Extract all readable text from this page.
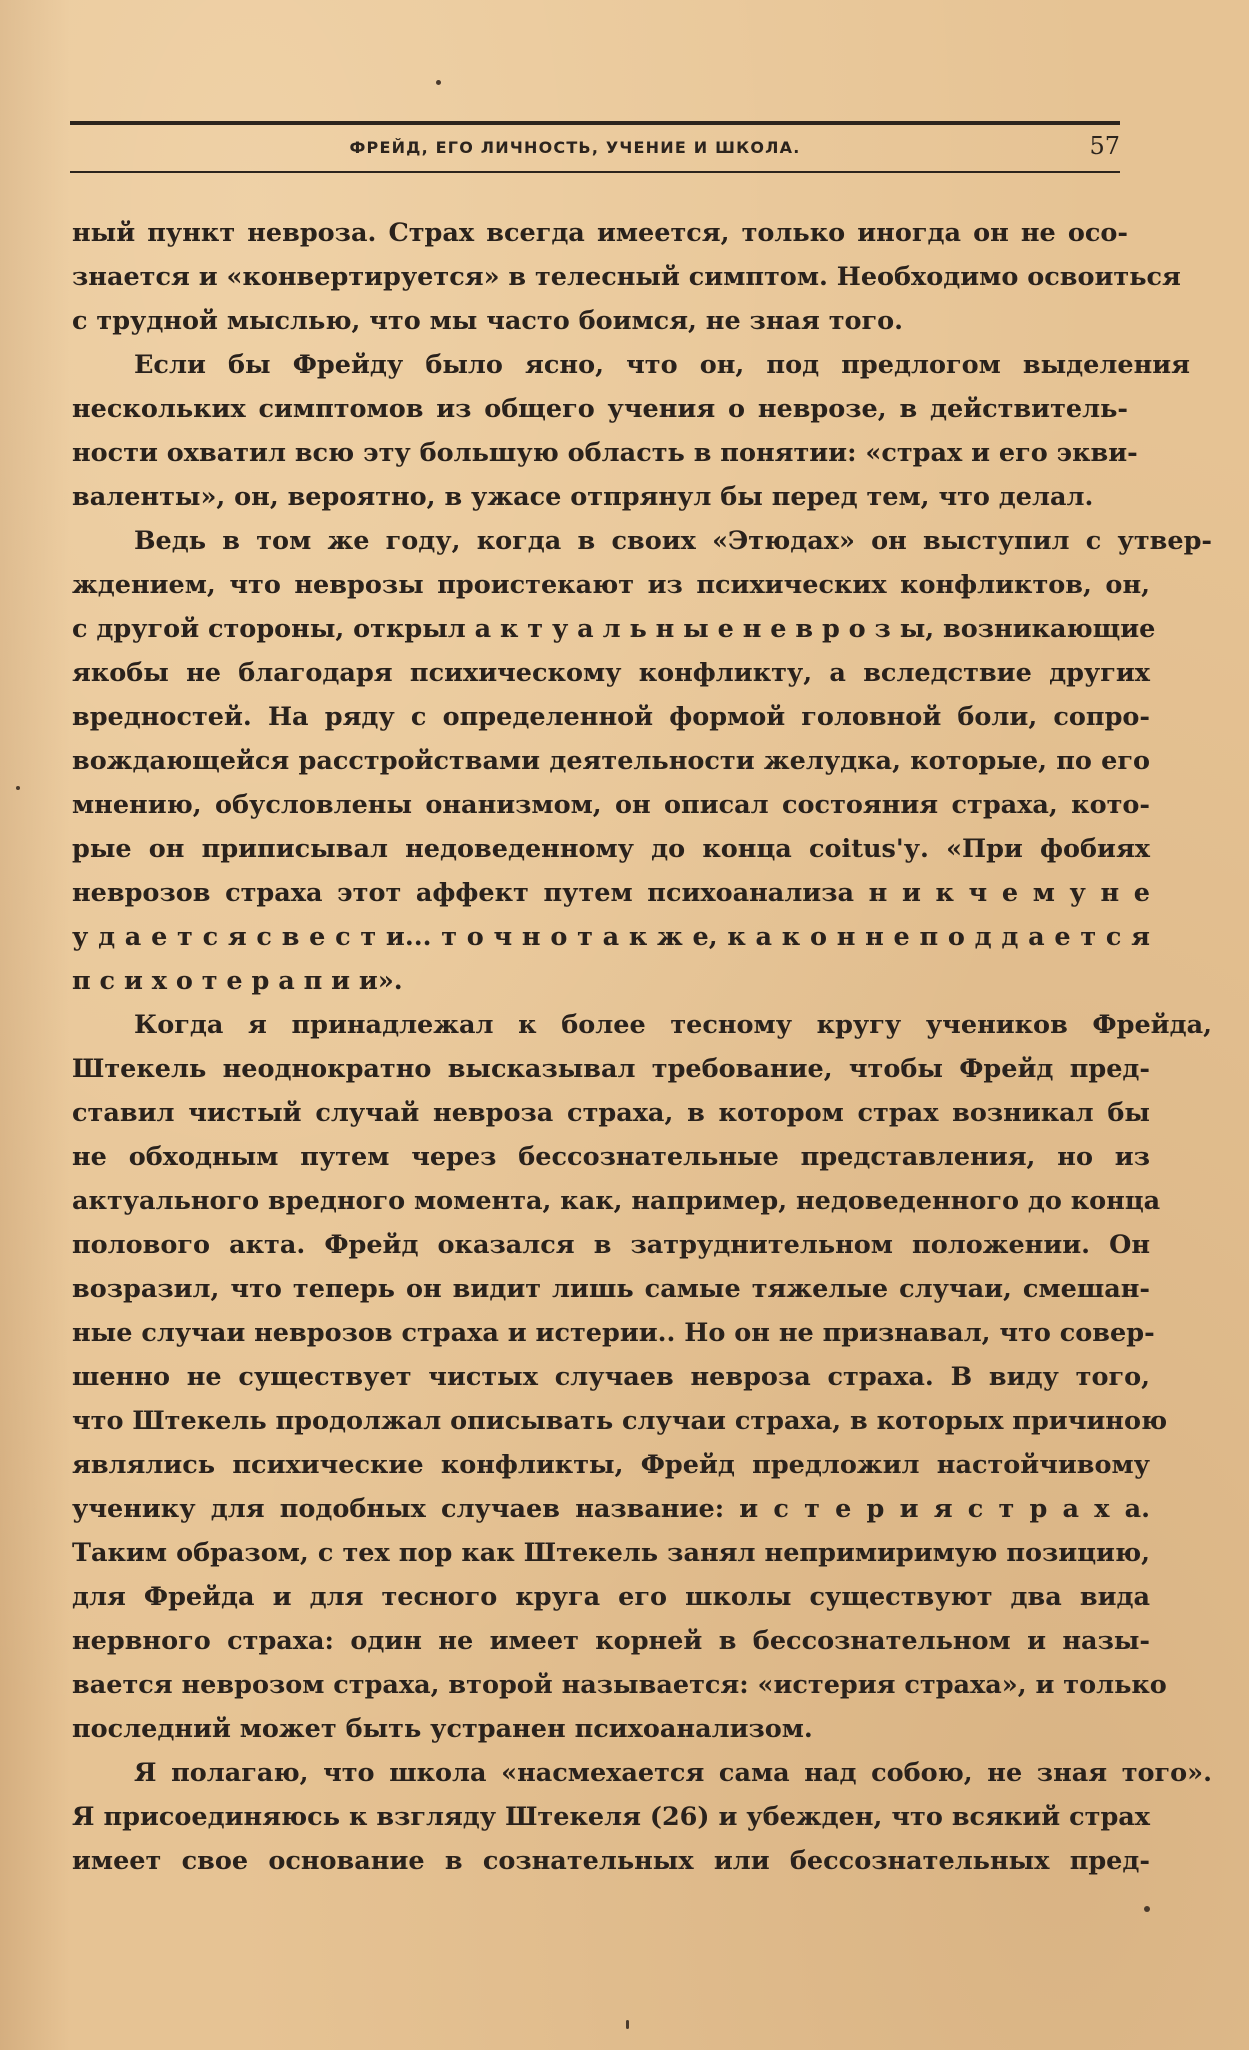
ФРЕЙД, ЕГО ЛИЧНОСТЬ, УЧЕНИЕ И ШКОЛА.	57
ный пункт невроза. Страх всегда имеется, только иногда он не осо-
знается и «конвертируется» в телесный симптом. Необходимо освоиться
с трудной мыслью, что мы часто боимся, не зная того.
Если бы Фрейду было ясно, что он, под предлогом выделения
нескольких симптомов из общего учения о неврозе, в действитель-
ности охватил всю эту большую область в понятии: «страх и его экви-
валенты», он, вероятно, в ужасе отпрянул бы перед тем, что делал.
Ведь в том же году, когда в своих «Этюдах» он выступил с утвер-
ждением, что неврозы проистекают из психических конфликтов, он,
с другой стороны, открыл а к т у а л ь н ы е н е в р о з ы, возникающие
якобы не благодаря психическому конфликту, а вследствие других
вредностей. На ряду с определенной формой головной боли, сопро-
вождающейся расстройствами деятельности желудка, которые, по его
мнению, обусловлены онанизмом, он описал состояния страха, кото-
рые он приписывал недоведенному до конца coitus'у. «При фобиях
неврозов страха этот аффект путем психоанализа н и к ч е м у н е
у д а е т с я с в е с т и... т о ч н о т а к ж е, к а к о н н е п о д д а е т с я
п с и х о т е р а п и и».
Когда я принадлежал к более тесному кругу учеников Фрейда,
Штекель неоднократно высказывал требование, чтобы Фрейд пред-
ставил чистый случай невроза страха, в котором страх возникал бы
не обходным путем через бессознательные представления, но из
актуального вредного момента, как, например, недоведенного до конца
полового акта. Фрейд оказался в затруднительном положении. Он
возразил, что теперь он видит лишь самые тяжелые случаи, смешан-
ные случаи неврозов страха и истерии.. Но он не признавал, что совер-
шенно не существует чистых случаев невроза страха. В виду того,
что Штекель продолжал описывать случаи страха, в которых причиною
являлись психические конфликты, Фрейд предложил настойчивому
ученику для подобных случаев название: и с т е р и я с т р а х а.
Таким образом, с тех пор как Штекель занял непримиримую позицию,
для Фрейда и для тесного круга его школы существуют два вида
нервного страха: один не имеет корней в бессознательном и назы-
вается неврозом страха, второй называется: «истерия страха», и только
последний может быть устранен психоанализом.
Я полагаю, что школа «насмехается сама над собою, не зная того».
Я присоединяюсь к взгляду Штекеля (26) и убежден, что всякий страх
имеет свое основание в сознательных или бессознательных пред-
